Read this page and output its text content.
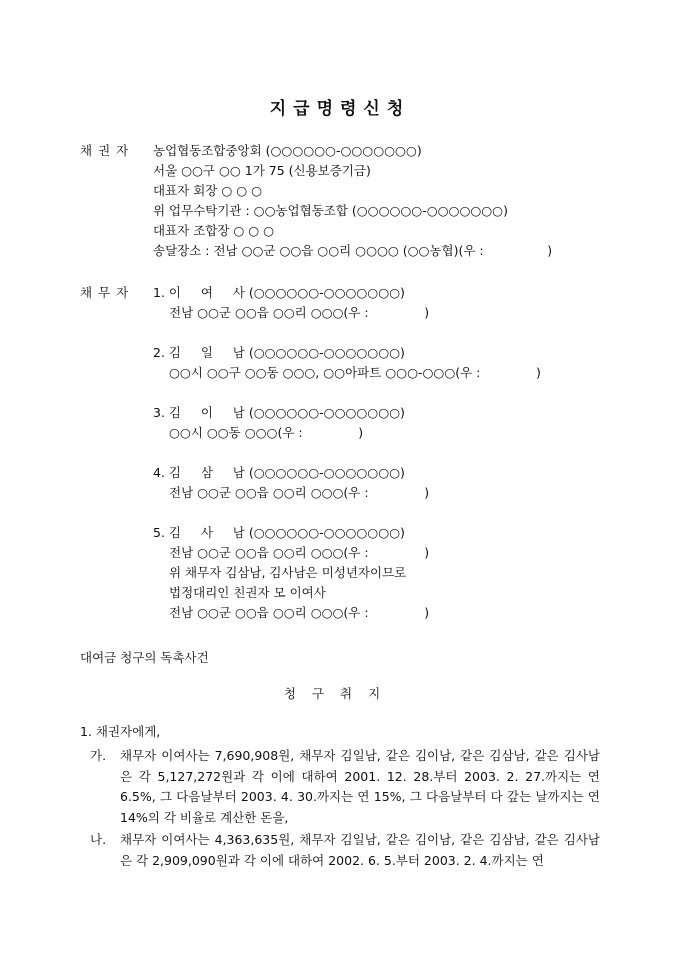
지급명령신청
채권자 농업협동조합중앙회 (○○○○○○-○○○○○○○)
서울 ○○구 ○○ 1가 75 (신용보증기금)
대표자 회장 ○ ○ ○
위 업무수탁기관 : ○○농업협동조합 (○○○○○○-○○○○○○○)
대표자 조합장 ○ ○ ○
송달장소 : 전남 ○○군 ○○읍 ○○리 ○○○○ (○○농협)(우 :                )
채무자 1. 이     여     사 (○○○○○○-○○○○○○○)
전남 ○○군 ○○읍 ○○리 ○○○(우 :              )
2. 김     일     남 (○○○○○○-○○○○○○○)
○○시 ○○구 ○○동 ○○○, ○○아파트 ○○○-○○○(우 :              )
3. 김     이     남 (○○○○○○-○○○○○○○)
○○시 ○○동 ○○○(우 :              )
4. 김     삼     남 (○○○○○○-○○○○○○○)
전남 ○○군 ○○읍 ○○리 ○○○(우 :              )
5. 김     사     남 (○○○○○○-○○○○○○○)
전남 ○○군 ○○읍 ○○리 ○○○(우 :              )
위 채무자 김삼남, 김사남은 미성년자이므로
법정대리인 친권자 모 이여사
전남 ○○군 ○○읍 ○○리 ○○○(우 :              )
대여금 청구의 독촉사건
청구취지
1. 채권자에게,
가. 채무자 이여사는 7,690,908원, 채무자 김일남, 같은 김이남, 같은 김삼남, 같은 김사남은 각 5,127,272원과 각 이에 대하여 2001. 12. 28.부터 2003. 2. 27.까지는 연 6.5%, 그 다음날부터 2003. 4. 30.까지는 연 15%, 그 다음날부터 다 갚는 날까지는 연 14%의 각 비율로 계산한 돈을,
나. 채무자 이여사는 4,363,635원, 채무자 김일남, 같은 김이남, 같은 김삼남, 같은 김사남은 각 2,909,090원과 각 이에 대하여 2002. 6. 5.부터 2003. 2. 4.까지는 연
